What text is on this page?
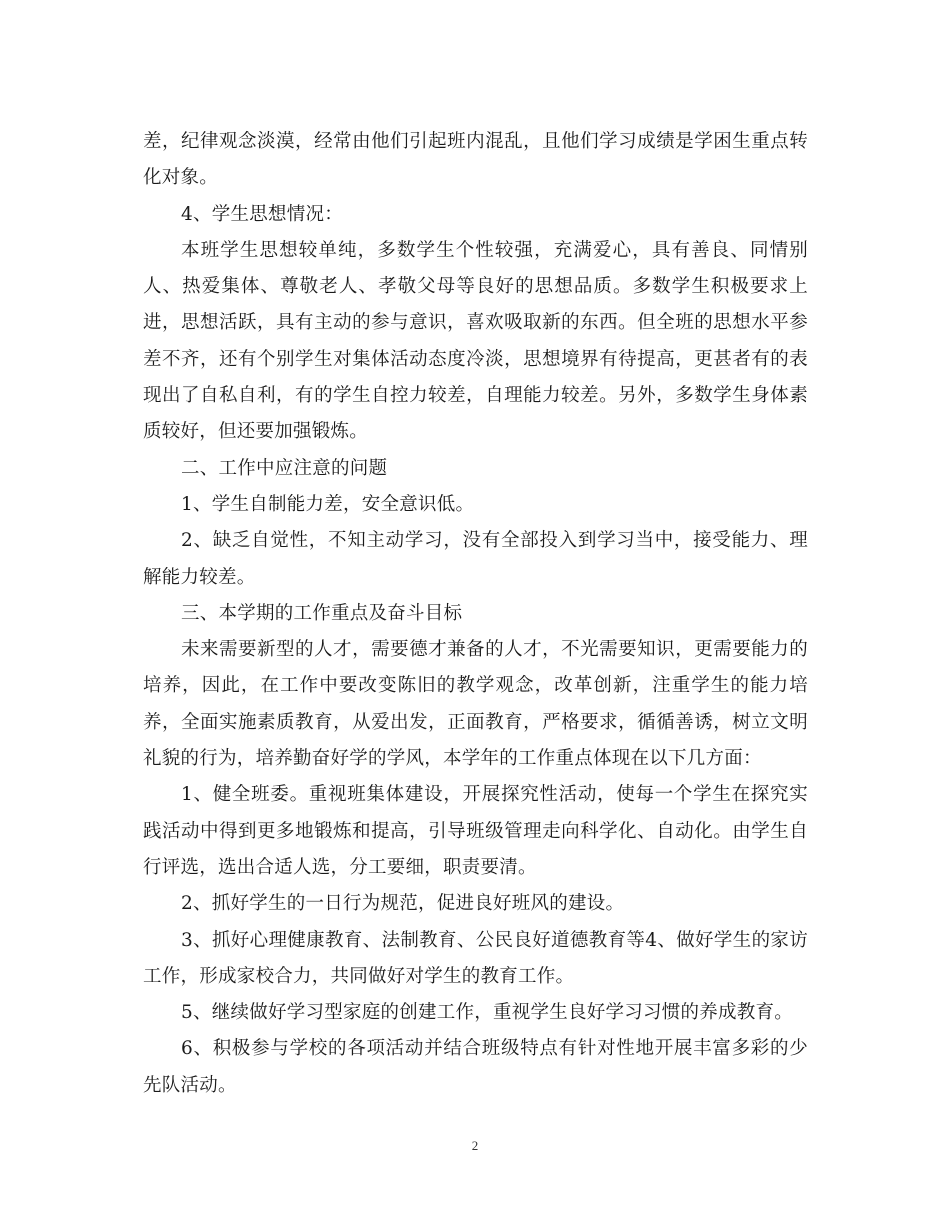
差，纪律观念淡漠，经常由他们引起班内混乱，且他们学习成绩是学困生重点转化对象。

4、学生思想情况：

本班学生思想较单纯，多数学生个性较强，充满爱心，具有善良、同情别人、热爱集体、尊敬老人、孝敬父母等良好的思想品质。多数学生积极要求上进，思想活跃，具有主动的参与意识，喜欢吸取新的东西。但全班的思想水平参差不齐，还有个别学生对集体活动态度冷淡，思想境界有待提高，更甚者有的表现出了自私自利，有的学生自控力较差，自理能力较差。另外，多数学生身体素质较好，但还要加强锻炼。

二、工作中应注意的问题

1、学生自制能力差，安全意识低。

2、缺乏自觉性，不知主动学习，没有全部投入到学习当中，接受能力、理解能力较差。

三、本学期的工作重点及奋斗目标

未来需要新型的人才，需要德才兼备的人才，不光需要知识，更需要能力的培养，因此，在工作中要改变陈旧的教学观念，改革创新，注重学生的能力培养，全面实施素质教育，从爱出发，正面教育，严格要求，循循善诱，树立文明礼貌的行为，培养勤奋好学的学风，本学年的工作重点体现在以下几方面：

1、健全班委。重视班集体建设，开展探究性活动，使每一个学生在探究实践活动中得到更多地锻炼和提高，引导班级管理走向科学化、自动化。由学生自行评选，选出合适人选，分工要细，职责要清。

2、抓好学生的一日行为规范，促进良好班风的建设。

3、抓好心理健康教育、法制教育、公民良好道德教育等4、做好学生的家访工作，形成家校合力，共同做好对学生的教育工作。

5、继续做好学习型家庭的创建工作，重视学生良好学习习惯的养成教育。

6、积极参与学校的各项活动并结合班级特点有针对性地开展丰富多彩的少先队活动。

2
